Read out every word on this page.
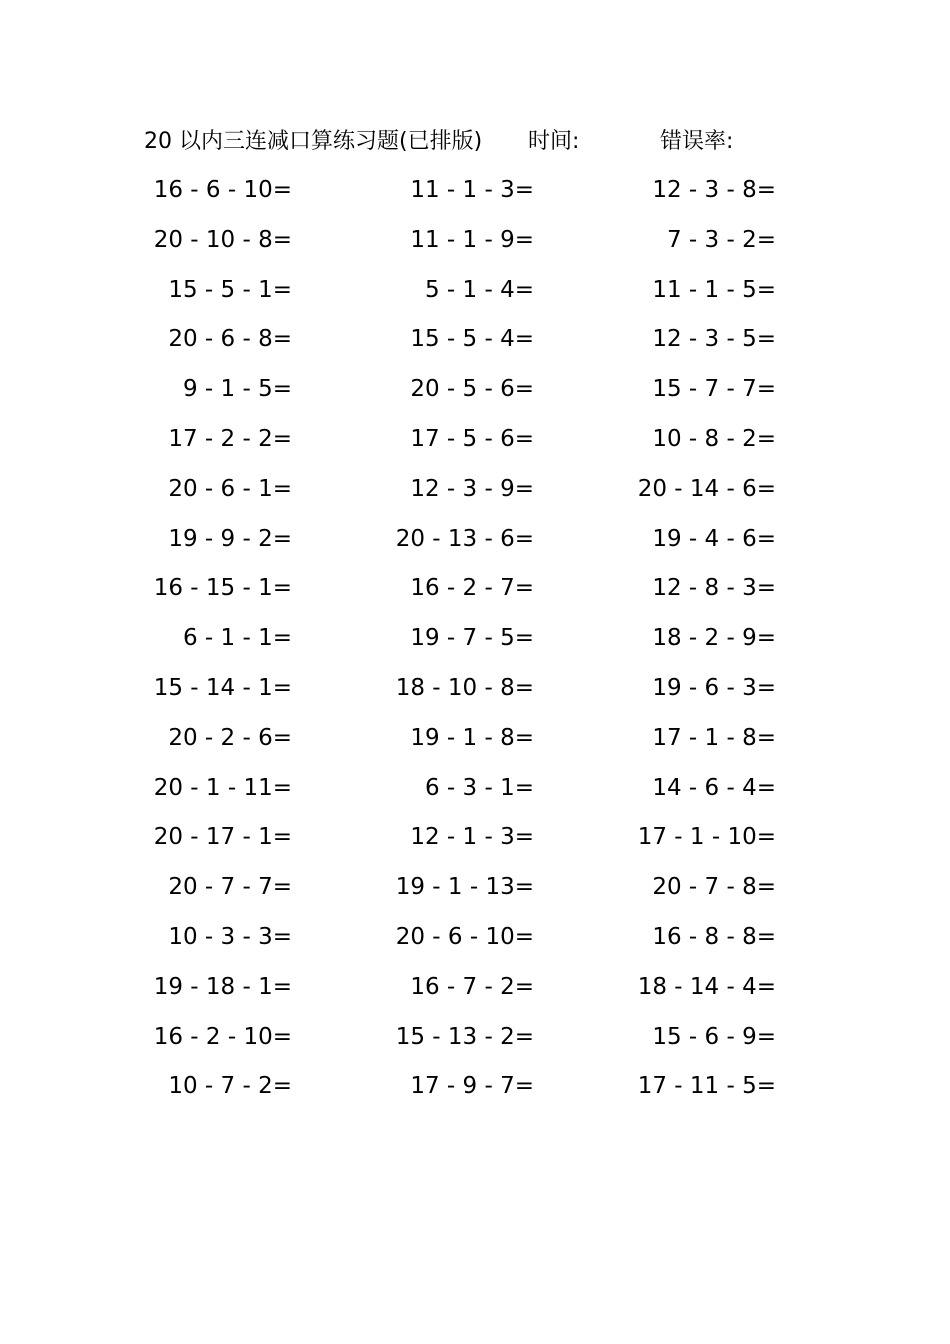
20 以内三连减口算练习题(已排版) 时间:	错误率:
16 - 6 - 10=
20 - 10 - 8=
15 - 5 - 1=
20 - 6 - 8=
9 - 1 - 5=
17 - 2 - 2=
20 - 6 - 1=
19 - 9 - 2=
16 - 15 - 1=
6 - 1 - 1=
15 - 14 - 1=
20 - 2 - 6=
20 - 1 - 11=
20 - 17 - 1=
20 - 7 - 7=
10 - 3 - 3=
19 - 18 - 1=
16 - 2 - 10=
10 - 7 - 2=
11 - 1 - 3=
11 - 1 - 9=
5 - 1 - 4=
15 - 5 - 4=
20 - 5 - 6=
17 - 5 - 6=
12 - 3 - 9=
20 - 13 - 6=
16 - 2 - 7=
19 - 7 - 5=
18 - 10 - 8=
19 - 1 - 8=
6 - 3 - 1=
12 - 1 - 3=
19 - 1 - 13=
20 - 6 - 10=
16 - 7 - 2=
15 - 13 - 2=
17 - 9 - 7=
12 - 3 - 8=
7 - 3 - 2=
11 - 1 - 5=
12 - 3 - 5=
15 - 7 - 7=
10 - 8 - 2=
20 - 14 - 6=
19 - 4 - 6=
12 - 8 - 3=
18 - 2 - 9=
19 - 6 - 3=
17 - 1 - 8=
14 - 6 - 4=
17 - 1 - 10=
20 - 7 - 8=
16 - 8 - 8=
18 - 14 - 4=
15 - 6 - 9=
17 - 11 - 5=
